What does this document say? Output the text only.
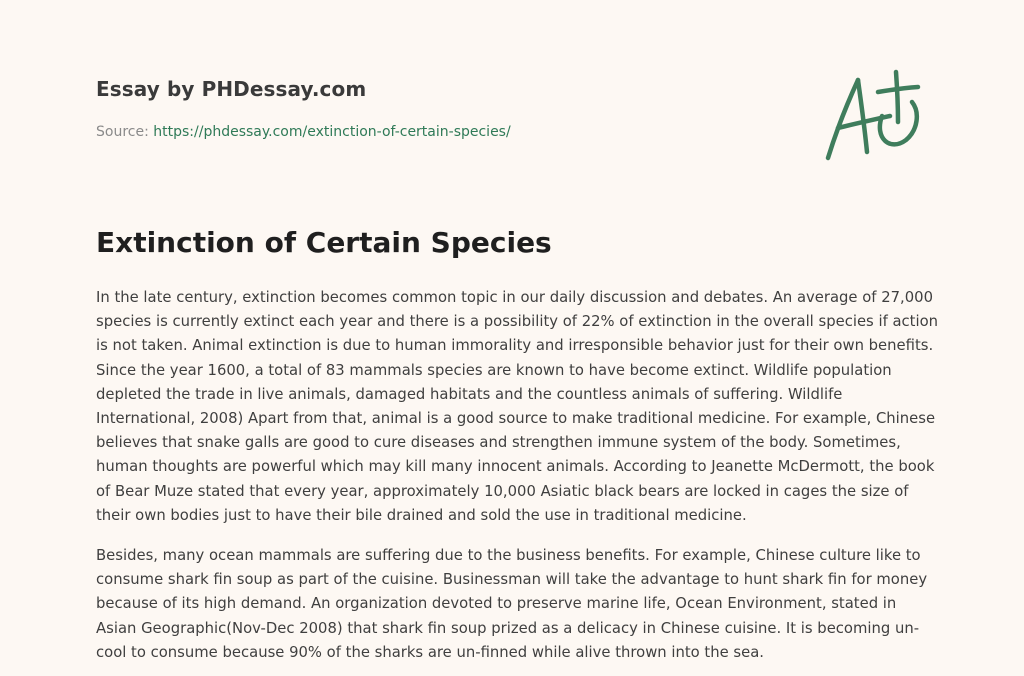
Essay by PHDessay.com
Source: https://phdessay.com/extinction-of-certain-species/
Extinction of Certain Species

In the late century, extinction becomes common topic in our daily discussion and debates. An average of 27,000
species is currently extinct each year and there is a possibility of 22% of extinction in the overall species if action
is not taken. Animal extinction is due to human immorality and irresponsible behavior just for their own benefits.
Since the year 1600, a total of 83 mammals species are known to have become extinct. Wildlife population
depleted the trade in live animals, damaged habitats and the countless animals of suffering. Wildlife
International, 2008) Apart from that, animal is a good source to make traditional medicine. For example, Chinese
believes that snake galls are good to cure diseases and strengthen immune system of the body. Sometimes,
human thoughts are powerful which may kill many innocent animals. According to Jeanette McDermott, the book
of Bear Muze stated that every year, approximately 10,000 Asiatic black bears are locked in cages the size of
their own bodies just to have their bile drained and sold the use in traditional medicine.

Besides, many ocean mammals are suffering due to the business benefits. For example, Chinese culture like to
consume shark fin soup as part of the cuisine. Businessman will take the advantage to hunt shark fin for money
because of its high demand. An organization devoted to preserve marine life, Ocean Environment, stated in
Asian Geographic(Nov-Dec 2008) that shark fin soup prized as a delicacy in Chinese cuisine. It is becoming un-
cool to consume because 90% of the sharks are un-finned while alive thrown into the sea.
